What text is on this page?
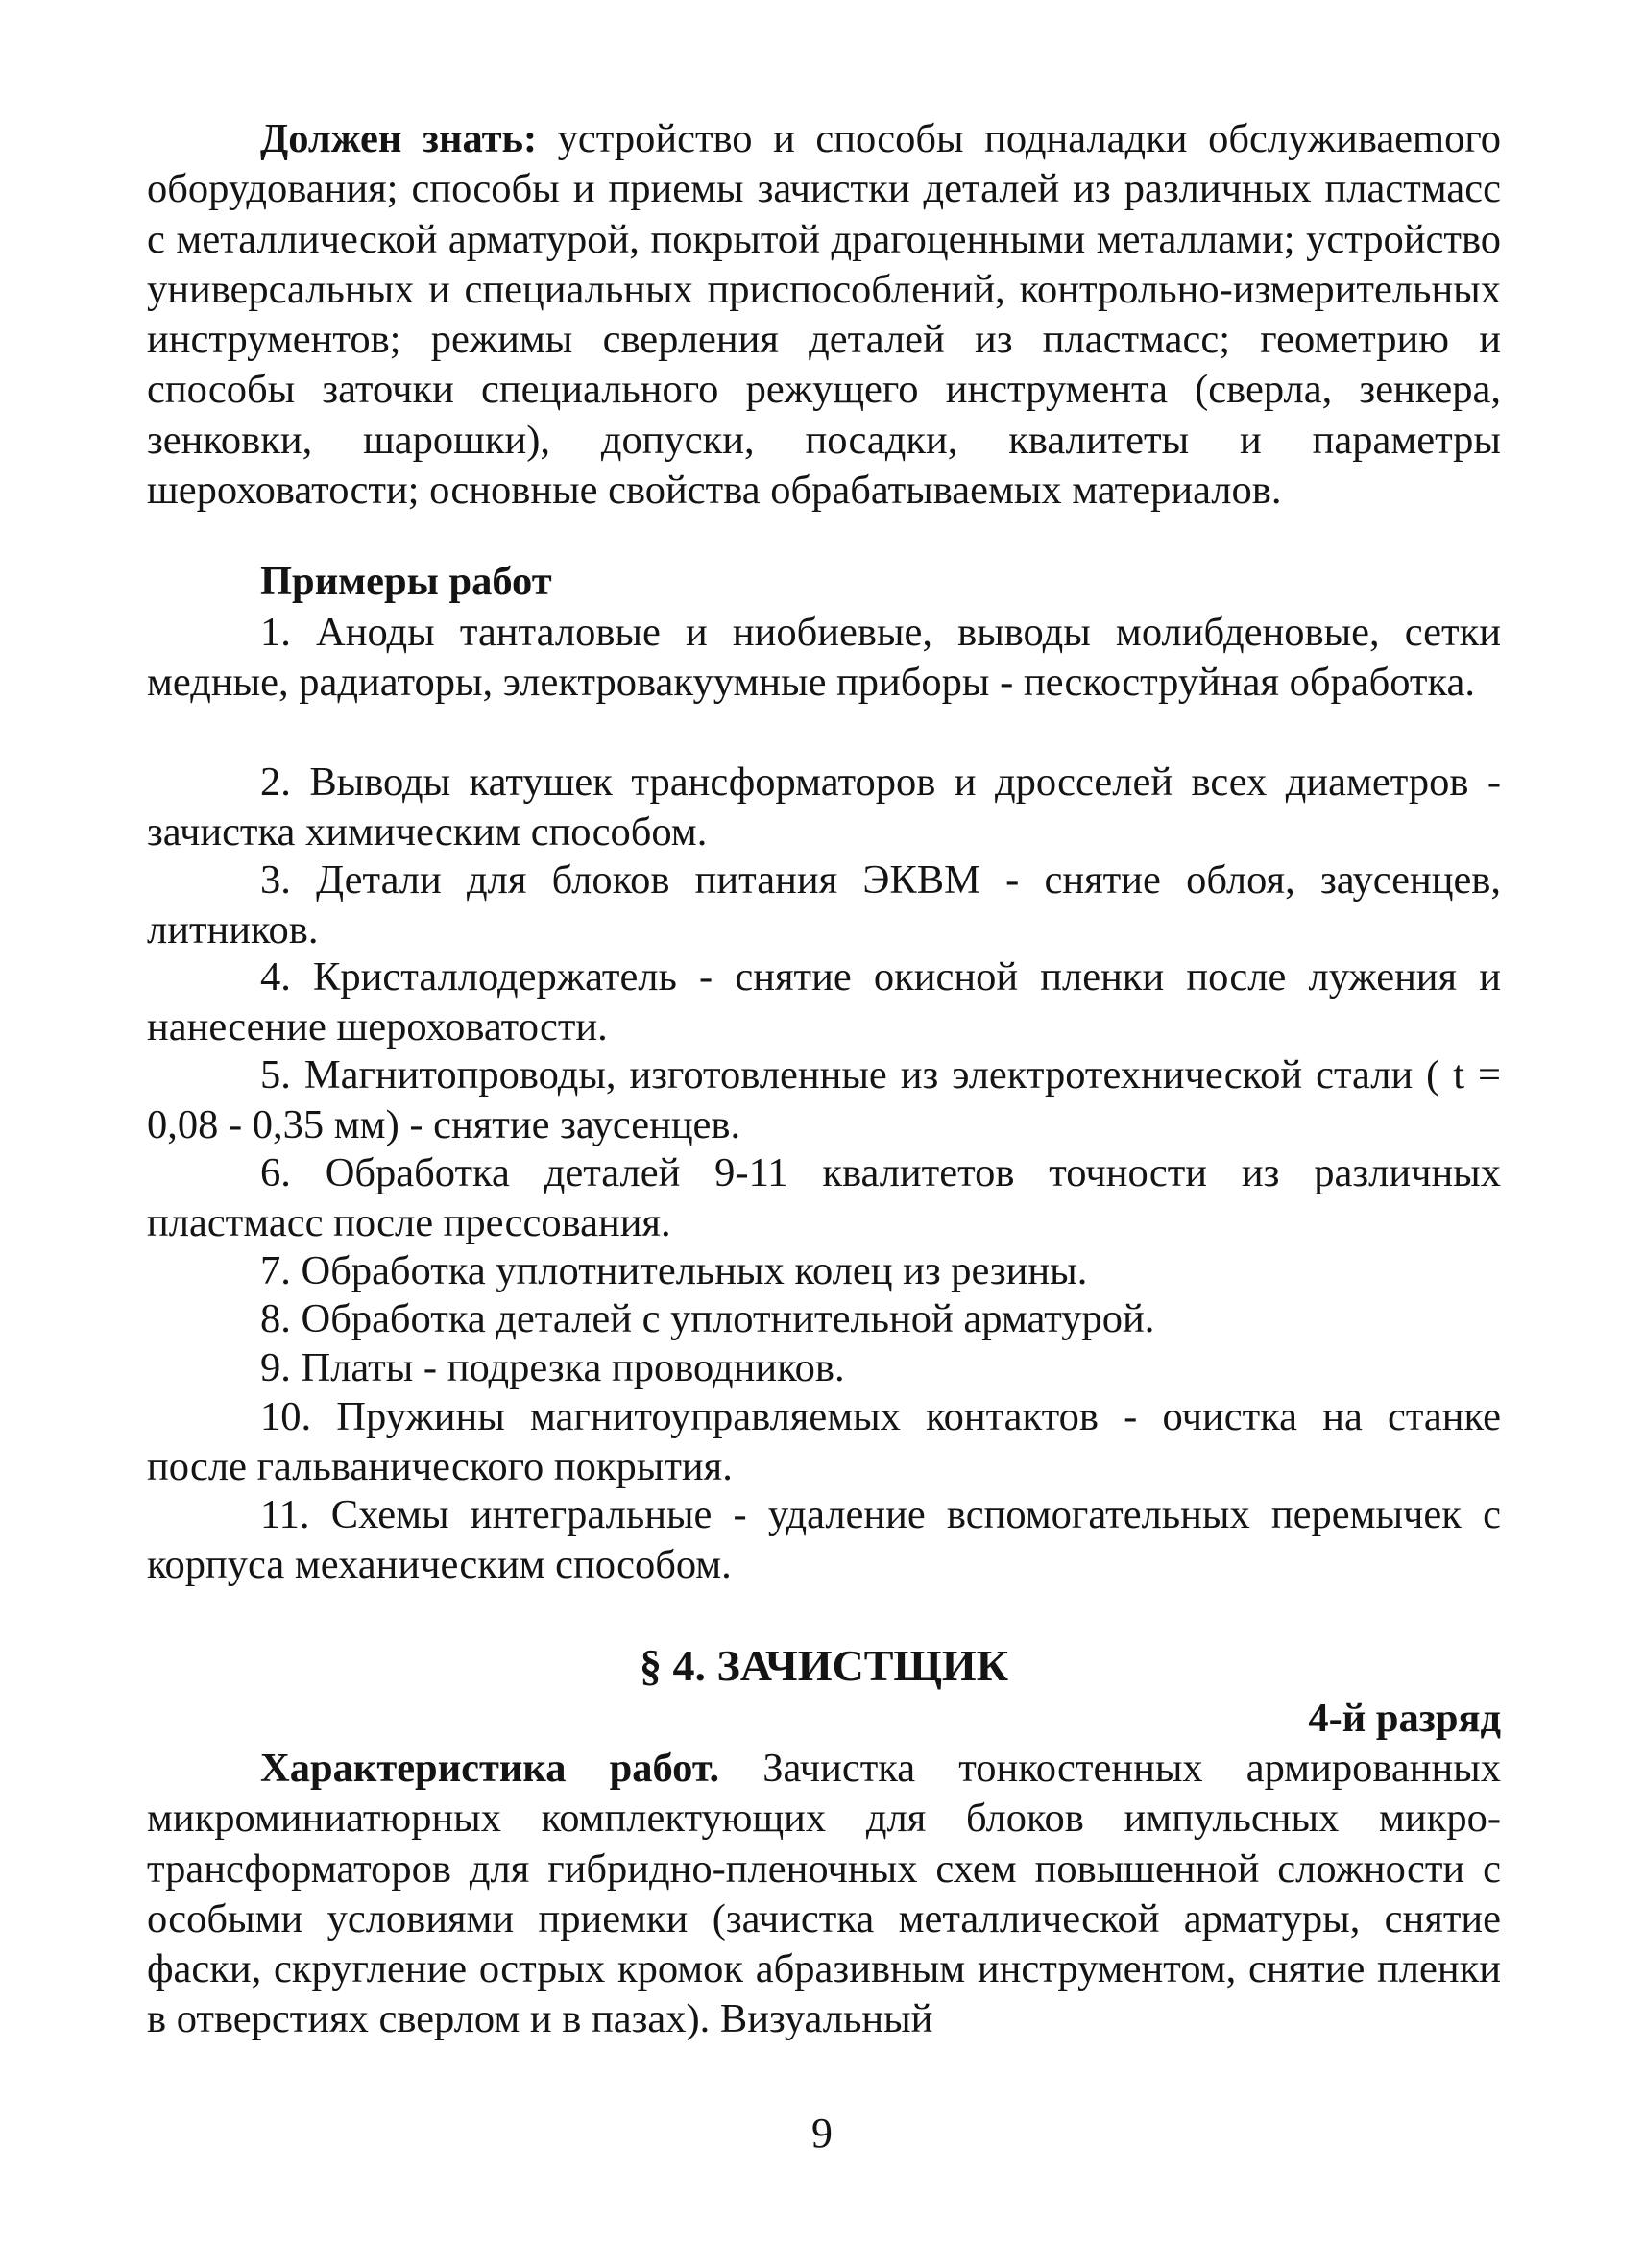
Должен знать: устройство и способы подналадки обслуживаеmого оборудования; способы и приемы зачистки деталей из различных пластмасс с металлической арматурой, покрытой драгоценными металлами; устройство универсальных и специальных приспособлений, контрольно-измерительных инструментов; режимы сверления деталей из пластмасс; геометрию и способы заточки специального режущего инструмента (сверла, зенкера, зенковки, шарошки), допуски, посадки, квалитеты и параметры шероховатости; основные свойства обрабатываемых материалов.

Примеры работ

1. Аноды танталовые и ниобиевые, выводы молибденовые, сетки медные, радиаторы, электровакуумные приборы - пескоструйная обработка.

2. Выводы катушек трансформаторов и дросселей всех диаметров - зачистка химическим способом.

3. Детали для блоков питания ЭКВМ - снятие облоя, заусенцев, литников.

4. Кристаллодержатель - снятие окисной пленки после лужения и нанесение шероховатости.

5. Магнитопроводы, изготовленные из электротехнической стали ( t = 0,08 - 0,35 мм) - снятие заусенцев.

6. Обработка деталей 9-11 квалитетов точности из различных пластмасс после прессования.

7. Обработка уплотнительных колец из резины.

8. Обработка деталей с уплотнительной арматурой.

9. Платы - подрезка проводников.

10. Пружины магнитоуправляемых контактов - очистка на станке после гальванического покрытия.

11. Схемы интегральные - удаление вспомогательных перемычек с корпуса механическим способом.

§ 4. ЗАЧИСТЩИК

4-й разряд

Характеристика работ. Зачистка тонкостенных армированных микроминиатюрных комплектующих для блоков импульсных микротрансформаторов для гибридно-пленочных схем повышенной сложности с особыми условиями приемки (зачистка металлической арматуры, снятие фаски, скругление острых кромок абразивным инструментом, снятие пленки в отверстиях сверлом и в пазах). Визуальный

9
